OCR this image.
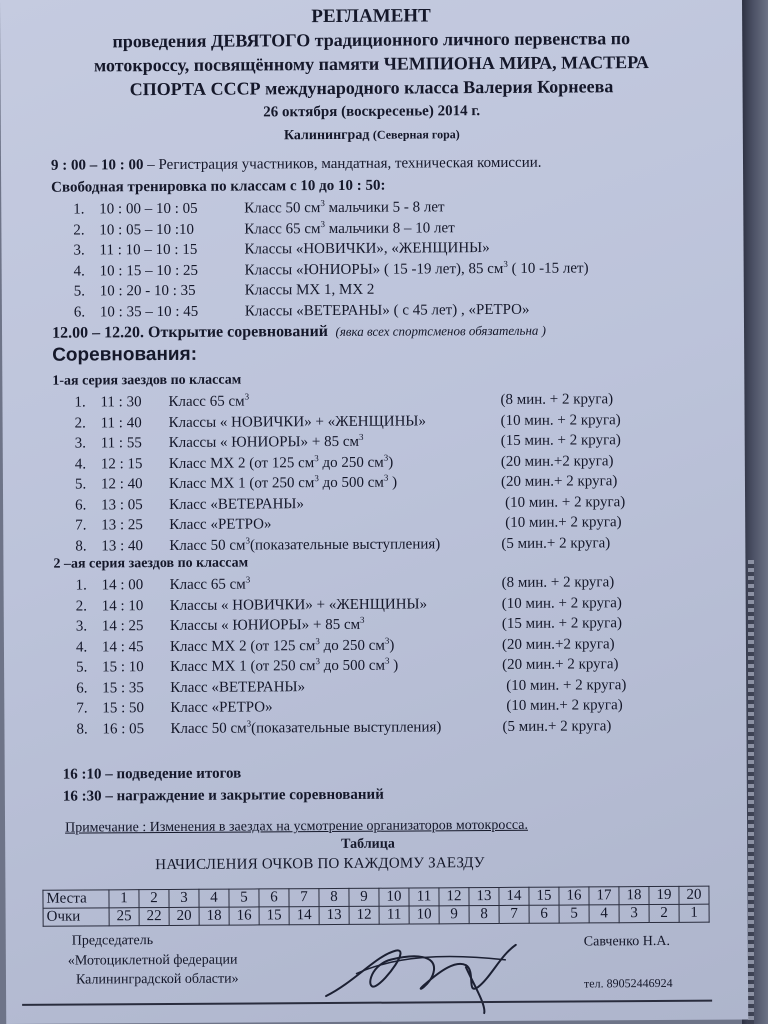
РЕГЛАМЕНТ
проведения ДЕВЯТОГО традиционного личного первенства по
мотокроссу, посвящённому памяти ЧЕМПИОНА МИРА, МАСТЕРА
СПОРТА СССР международного класса Валерия Корнеева
26 октября (воскресенье) 2014 г.
Калининград (Северная гора)
9 : 00 – 10 : 00 – Регистрация участников, мандатная, техническая комиссии.
Свободная тренировка по классам с 10 до 10 : 50:
1. 10 : 00 – 10 : 05	Класс 50 $см^3$ мальчики 5 - 8 лет
2. 10 : 05 – 10 :10	Класс 65 $см^3$ мальчики 8 – 10 лет
3. 11 : 10 – 10 : 15	Классы «НОВИЧКИ», «ЖЕНЩИНЫ»
4. 10 : 15 – 10 : 25	Классы «ЮНИОРЫ» ( 15 -19 лет), 85 $см^3$ ( 10 -15 лет)
5. 10 : 20 - 10 : 35	Классы МХ 1, МХ 2
6. 10 : 35 – 10 : 45	Классы «ВЕТЕРАНЫ» ( с 45 лет) , «РЕТРО»
12.00 – 12.20. Открытие соревнований (явка всех спортсменов обязательна )
Соревнования:
1-ая серия заездов по классам
1. 11 : 30 Класс 65 $см^3$	(8 мин. + 2 круга)
2. 11 : 40 Классы « НОВИЧКИ» + «ЖЕНЩИНЫ»	(10 мин. + 2 круга)
3. 11 : 55 Классы « ЮНИОРЫ» + 85 $см^3$	(15 мин. + 2 круга)
4. 12 : 15 Класс МХ 2 (от 125 $см^3$ до 250 $см^3$)	(20 мин.+2 круга)
5. 12 : 40 Класс МХ 1 (от 250 $см^3$ до 500 $см^3$ )	(20 мин.+ 2 круга)
6. 13 : 05 Класс «ВЕТЕРАНЫ»	(10 мин. + 2 круга)
7. 13 : 25 Класс «РЕТРО»	(10 мин.+ 2 круга)
8. 13 : 40 Класс 50 $см^3(показательные$ выступления)	(5 мин.+ 2 круга)
2 –ая серия заездов по классам
1. 14 : 00 Класс 65 $см^3$	(8 мин. + 2 круга)
2. 14 : 10 Классы « НОВИЧКИ» + «ЖЕНЩИНЫ»	(10 мин. + 2 круга)
3. 14 : 25 Классы « ЮНИОРЫ» + 85 $см^3$	(15 мин. + 2 круга)
4. 14 : 45 Класс МХ 2 (от 125 $см^3$ до 250 $см^3$)	(20 мин.+2 круга)
5. 15 : 10 Класс МХ 1 (от 250 $см^3$ до 500 $см^3$ )	(20 мин.+ 2 круга)
6. 15 : 35 Класс «ВЕТЕРАНЫ»	(10 мин. + 2 круга)
7. 15 : 50 Класс «РЕТРО»	(10 мин.+ 2 круга)
8. 16 : 05 Класс 50 $см^3(показательные$ выступления)	(5 мин.+ 2 круга)
16 :10 – подведение итогов
16 :30 – награждение и закрытие соревнований
Примечание : Изменения в заездах на усмотрение организаторов мотокросса.
Таблица
НАЧИСЛЕНИЯ ОЧКОВ ПО КАЖДОМУ ЗАЕЗДУ
Места	1	2	3	4	5	6	7	8	9	10	11	12	13	14	15	16	17	18	19	20
Очки	25	22	20	18	16	15	14	13	12	11	10	9	8	7	6	5	4	3	2	1
Председатель
«Мотоциклетной федерации
Калининградской области»
Савченко Н.А.
тел. 89052446924
